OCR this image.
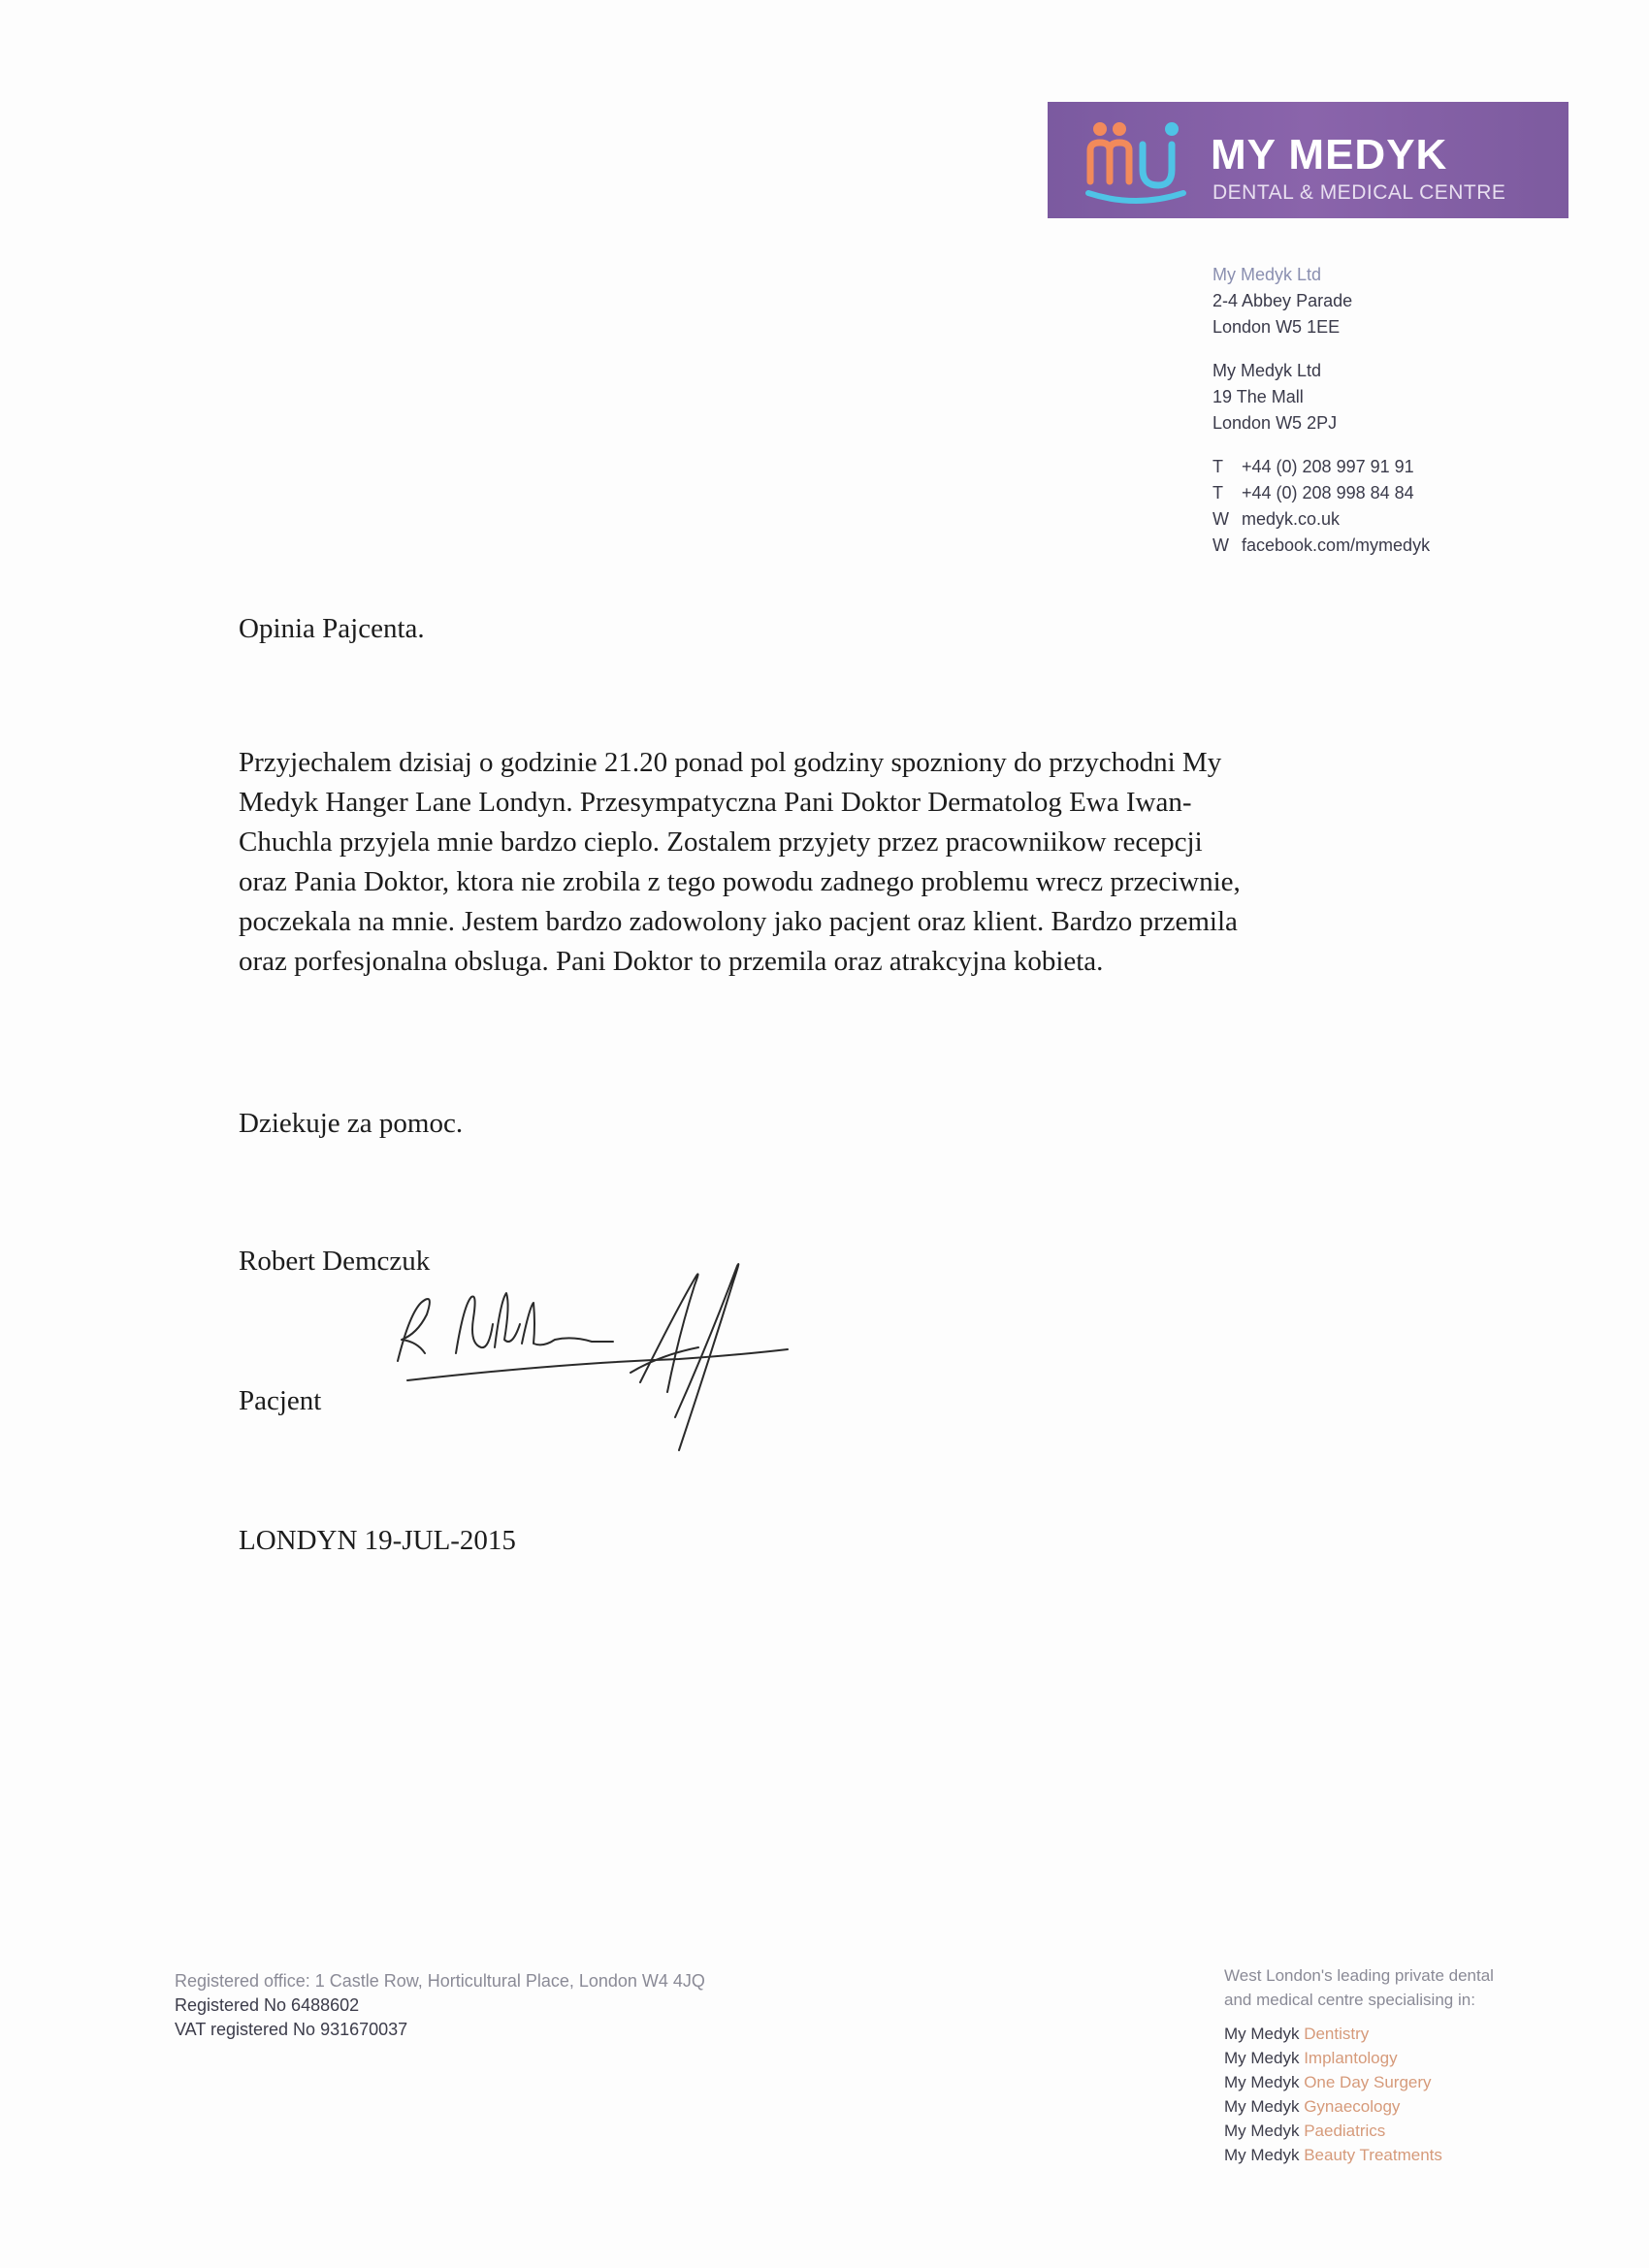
MY MEDYK
DENTAL & MEDICAL CENTRE
My Medyk Ltd
2-4 Abbey Parade
London W5 1EE
My Medyk Ltd
19 The Mall
London W5 2PJ
T +44 (0) 208 997 91 91
T +44 (0) 208 998 84 84
W medyk.co.uk
W facebook.com/mymedyk
Opinia Pajcenta.
Przyjechalem dzisiaj o godzinie 21.20 ponad pol godziny spozniony do przychodni My
Medyk Hanger Lane Londyn. Przesympatyczna Pani Doktor Dermatolog Ewa Iwan-
Chuchla przyjela mnie bardzo cieplo. Zostalem przyjety przez pracowniikow recepcji
oraz Pania Doktor, ktora nie zrobila z tego powodu zadnego problemu wrecz przeciwnie,
poczekala na mnie. Jestem bardzo zadowolony jako pacjent oraz klient. Bardzo przemila
oraz porfesjonalna obsluga. Pani Doktor to przemila oraz atrakcyjna kobieta.
Dziekuje za pomoc.
Robert Demczuk
Pacjent
LONDYN 19-JUL-2015
Registered office: 1 Castle Row, Horticultural Place, London W4 4JQ
Registered No 6488602
VAT registered No 931670037
West London's leading private dental
and medical centre specialising in:
My Medyk Dentistry
My Medyk Implantology
My Medyk One Day Surgery
My Medyk Gynaecology
My Medyk Paediatrics
My Medyk Beauty Treatments
